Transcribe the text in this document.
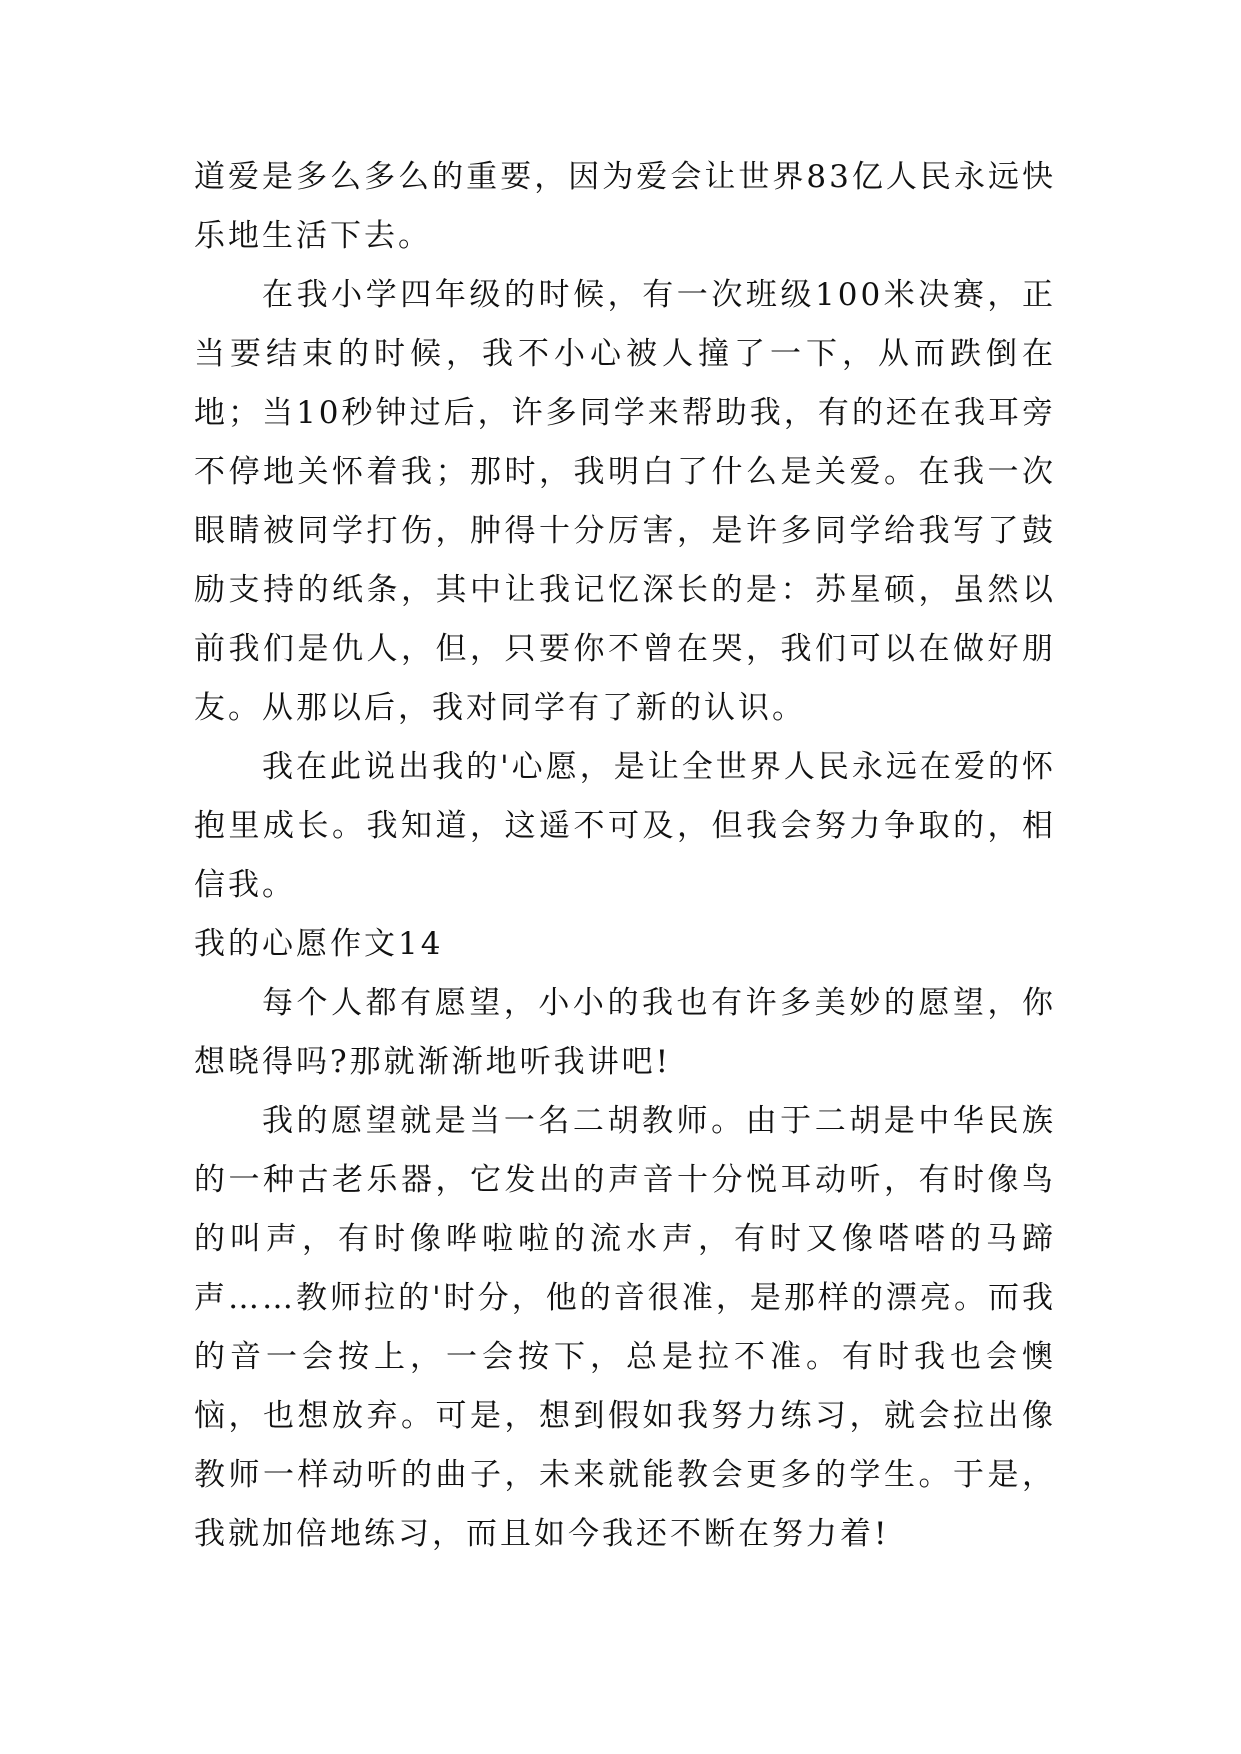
道爱是多么多么的重要，因为爱会让世界83亿人民永远快乐地生活下去。

在我小学四年级的时候，有一次班级100米决赛，正当要结束的时候，我不小心被人撞了一下，从而跌倒在地；当10秒钟过后，许多同学来帮助我，有的还在我耳旁不停地关怀着我；那时，我明白了什么是关爱。在我一次眼睛被同学打伤，肿得十分厉害，是许多同学给我写了鼓励支持的纸条，其中让我记忆深长的是：苏星硕，虽然以前我们是仇人，但，只要你不曾在哭，我们可以在做好朋友。从那以后，我对同学有了新的认识。

我在此说出我的'心愿，是让全世界人民永远在爱的怀抱里成长。我知道，这遥不可及，但我会努力争取的，相信我。

我的心愿作文14

每个人都有愿望，小小的我也有许多美妙的愿望，你想晓得吗?那就渐渐地听我讲吧!

我的愿望就是当一名二胡教师。由于二胡是中华民族的一种古老乐器，它发出的声音十分悦耳动听，有时像鸟的叫声，有时像哗啦啦的流水声，有时又像嗒嗒的马蹄声……教师拉的'时分，他的音很准，是那样的漂亮。而我的音一会按上，一会按下，总是拉不准。有时我也会懊恼，也想放弃。可是，想到假如我努力练习，就会拉出像教师一样动听的曲子，未来就能教会更多的学生。于是，我就加倍地练习，而且如今我还不断在努力着!
